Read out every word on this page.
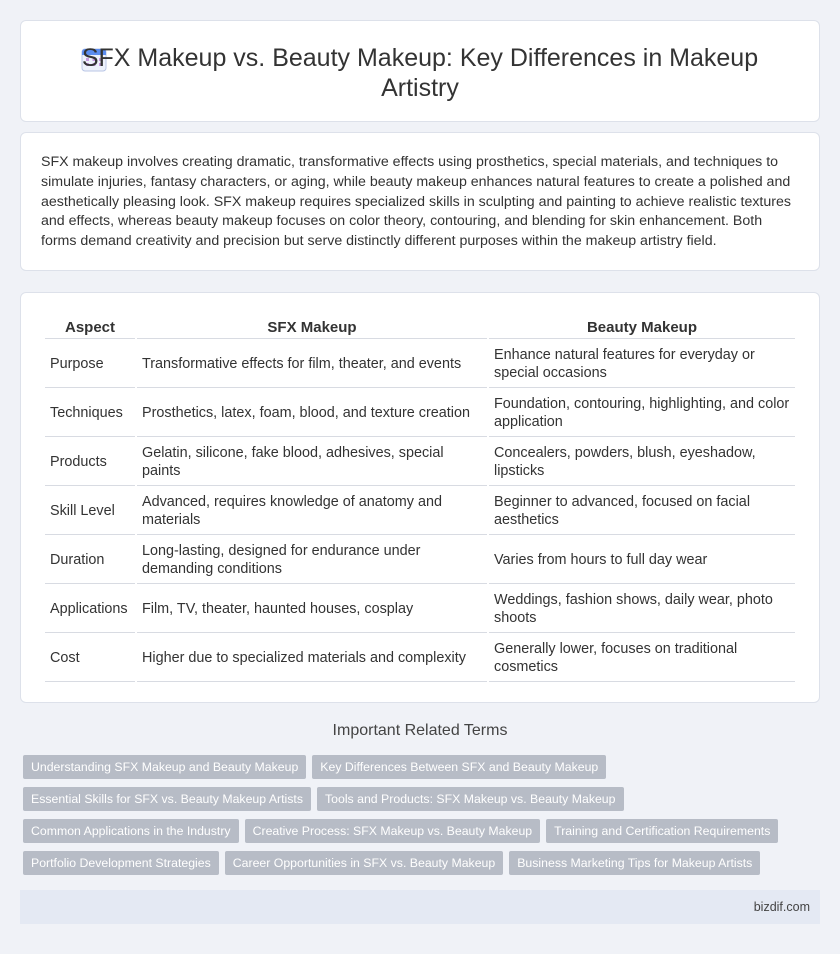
SFX Makeup vs. Beauty Makeup: Key Differences in Makeup Artistry

SFX makeup involves creating dramatic, transformative effects using prosthetics, special materials, and techniques to simulate injuries, fantasy characters, or aging, while beauty makeup enhances natural features to create a polished and aesthetically pleasing look. SFX makeup requires specialized skills in sculpting and painting to achieve realistic textures and effects, whereas beauty makeup focuses on color theory, contouring, and blending for skin enhancement. Both forms demand creativity and precision but serve distinctly different purposes within the makeup artistry field.

Aspect	SFX Makeup	Beauty Makeup
Purpose	Transformative effects for film, theater, and events	Enhance natural features for everyday or special occasions
Techniques	Prosthetics, latex, foam, blood, and texture creation	Foundation, contouring, highlighting, and color application
Products	Gelatin, silicone, fake blood, adhesives, special paints	Concealers, powders, blush, eyeshadow, lipsticks
Skill Level	Advanced, requires knowledge of anatomy and materials	Beginner to advanced, focused on facial aesthetics
Duration	Long-lasting, designed for endurance under demanding conditions	Varies from hours to full day wear
Applications	Film, TV, theater, haunted houses, cosplay	Weddings, fashion shows, daily wear, photo shoots
Cost	Higher due to specialized materials and complexity	Generally lower, focuses on traditional cosmetics
Important Related Terms
Understanding SFX Makeup and Beauty Makeup	Key Differences Between SFX and Beauty Makeup
Essential Skills for SFX vs. Beauty Makeup Artists	Tools and Products: SFX Makeup vs. Beauty Makeup
Common Applications in the Industry	Creative Process: SFX Makeup vs. Beauty Makeup	Training and Certification Requirements
Portfolio Development Strategies	Career Opportunities in SFX vs. Beauty Makeup	Business Marketing Tips for Makeup Artists
bizdif.com
